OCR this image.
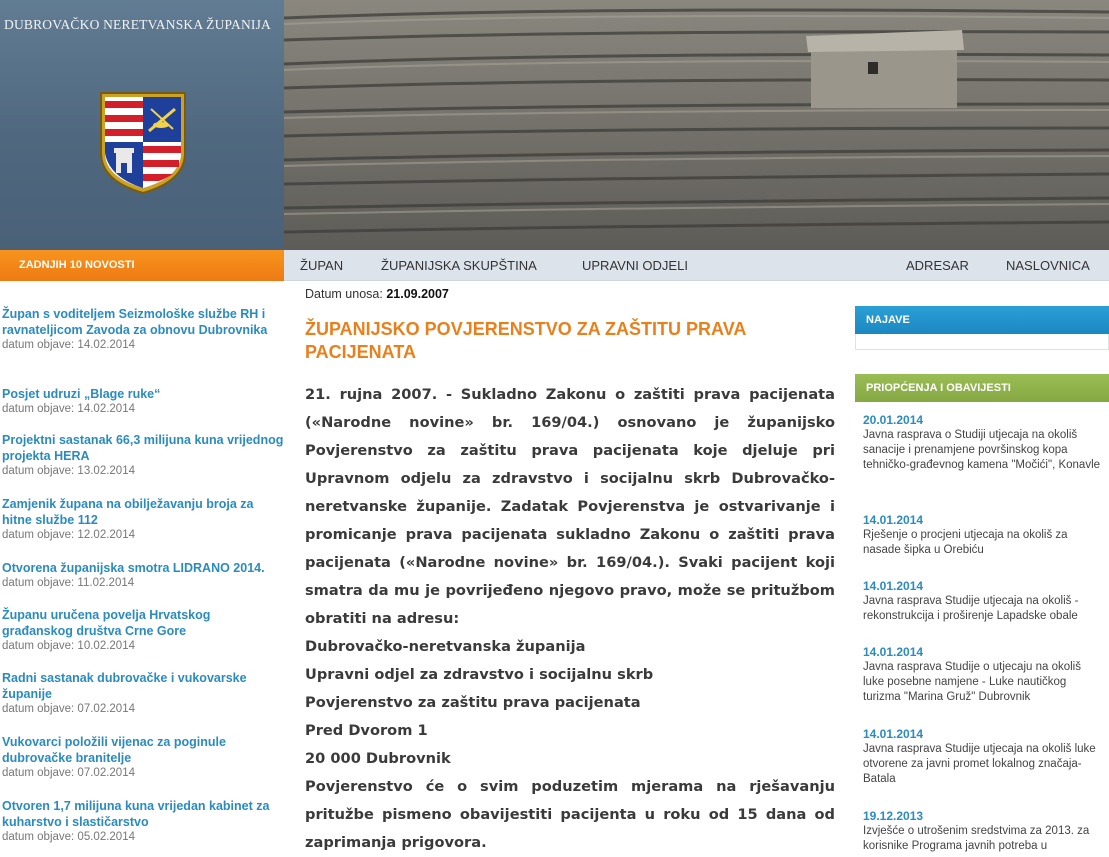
DUBROVAČKO NERETVANSKA ŽUPANIJA
ZADNJIH 10 NOVOSTI	ŽUPAN	ŽUPANIJSKA SKUPŠTINA	UPRAVNI ODJELI	ADRESAR	NASLOVNICA
Župan s voditeljem Seizmološke službe RH i ravnateljicom Zavoda za obnovu Dubrovnika
datum objave: 14.02.2014
Posjet udruzi „Blage ruke“
datum objave: 14.02.2014
Projektni sastanak 66,3 milijuna kuna vrijednog projekta HERA
datum objave: 13.02.2014
Zamjenik župana na obilježavanju broja za hitne službe 112
datum objave: 12.02.2014
Otvorena županijska smotra LIDRANO 2014.
datum objave: 11.02.2014
Županu uručena povelja Hrvatskog građanskog društva Crne Gore
datum objave: 10.02.2014
Radni sastanak dubrovačke i vukovarske županije
datum objave: 07.02.2014
Vukovarci položili vijenac za poginule dubrovačke branitelje
datum objave: 07.02.2014
Otvoren 1,7 milijuna kuna vrijedan kabinet za kuharstvo i slastičarstvo
datum objave: 05.02.2014
Datum unosa: 21.09.2007
ŽUPANIJSKO POVJERENSTVO ZA ZAŠTITU PRAVA PACIJENATA

21. rujna 2007. - Sukladno Zakonu o zaštiti prava pacijenata («Narodne novine» br. 169/04.) osnovano je županijsko Povjerenstvo za zaštitu prava pacijenata koje djeluje pri Upravnom odjelu za zdravstvo i socijalnu skrb Dubrovačko-neretvanske županije. Zadatak Povjerenstva je ostvarivanje i promicanje prava pacijenata sukladno Zakonu o zaštiti prava pacijenata («Narodne novine» br. 169/04.). Svaki pacijent koji smatra da mu je povrijeđeno njegovo pravo, može se pritužbom obratiti na adresu:

Dubrovačko-neretvanska županija

Upravni odjel za zdravstvo i socijalnu skrb

Povjerenstvo za zaštitu prava pacijenata

Pred Dvorom 1

20 000 Dubrovnik

Povjerenstvo će o svim poduzetim mjerama na rješavanju pritužbe pismeno obavijestiti pacijenta u roku od 15 dana od zaprimanja prigovora.

NAJAVE
PRIOPĆENJA I OBAVIJESTI
20.01.2014
Javna rasprava o Studiji utjecaja na okoliš sanacije i prenamjene površinskog kopa tehničko-građevnog kamena "Močići", Konavle
14.01.2014
Rješenje o procjeni utjecaja na okoliš za nasade šipka u Orebiću
14.01.2014
Javna rasprava Studije utjecaja na okoliš - rekonstrukcija i proširenje Lapadske obale
14.01.2014
Javna rasprava Studije o utjecaju na okoliš luke posebne namjene - Luke nautičkog turizma "Marina Gruž" Dubrovnik
14.01.2014
Javna rasprava Studije utjecaja na okoliš luke otvorene za javni promet lokalnog značaja- Batala
19.12.2013
Izvješće o utrošenim sredstvima za 2013. za korisnike Programa javnih potreba u
